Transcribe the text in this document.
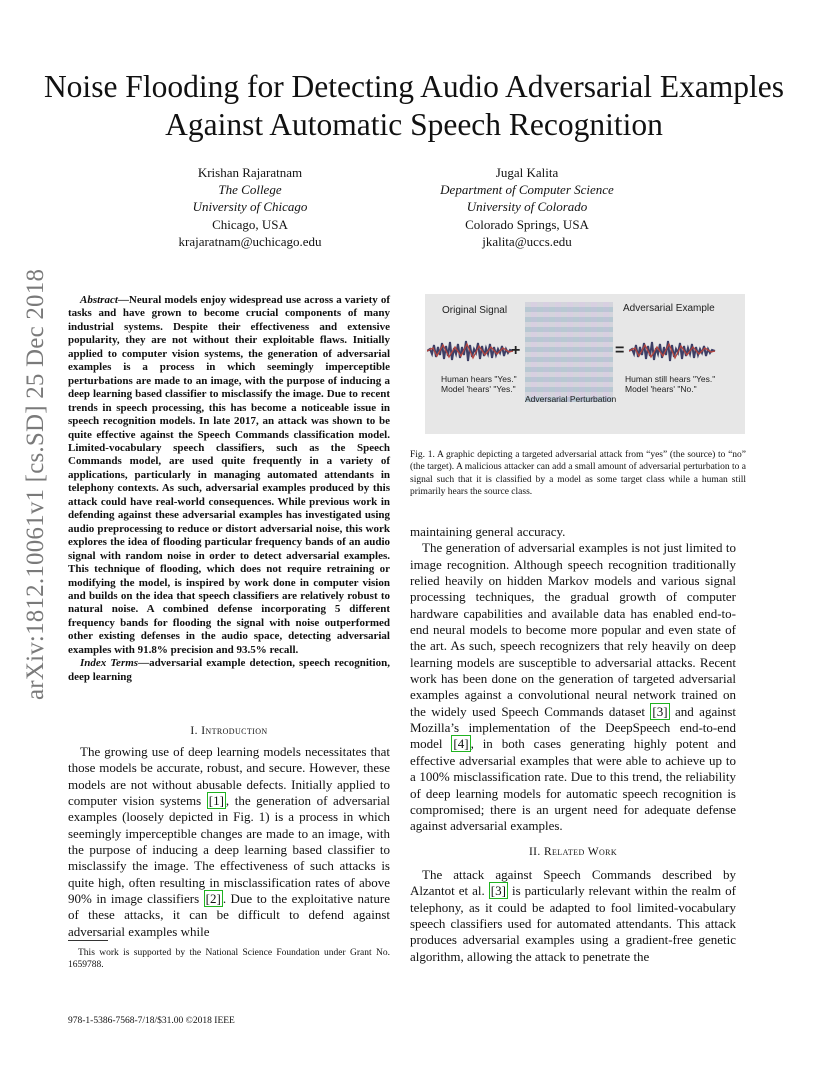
Noise Flooding for Detecting Audio Adversarial Examples Against Automatic Speech Recognition
Krishan Rajaratnam
The College
University of Chicago
Chicago, USA
krajaratnam@uchicago.edu
Jugal Kalita
Department of Computer Science
University of Colorado
Colorado Springs, USA
jkalita@uccs.edu
arXiv:1812.10061v1 [cs.SD] 25 Dec 2018	Abstract—Neural models enjoy widespread use across a variety of tasks and have grown to become crucial components of many industrial systems. Despite their effectiveness and extensive popularity, they are not without their exploitable flaws. Initially applied to computer vision systems, the generation of adversarial examples is a process in which seemingly imperceptible perturbations are made to an image, with the purpose of inducing a deep learning based classifier to misclassify the image. Due to recent trends in speech processing, this has become a noticeable issue in speech recognition models. In late 2017, an attack was shown to be quite effective against the Speech Commands classification model. Limited-vocabulary speech classifiers, such as the Speech Commands model, are used quite frequently in a variety of applications, particularly in managing automated attendants in telephony contexts. As such, adversarial examples produced by this attack could have real-world consequences. While previous work in defending against these adversarial examples has investigated using audio preprocessing to reduce or distort adversarial noise, this work explores the idea of flooding particular frequency bands of an audio signal with random noise in order to detect adversarial examples. This technique of flooding, which does not require retraining or modifying the model, is inspired by work done in computer vision and builds on the idea that speech classifiers are relatively robust to natural noise. A combined defense incorporating 5 different frequency bands for flooding the signal with noise outperformed other existing defenses in the audio space, detecting adversarial examples with 91.8% precision and 93.5% recall.

Index Terms—adversarial example detection, speech recognition, deep learning

I. Introduction

The growing use of deep learning models necessitates that those models be accurate, robust, and secure. However, these models are not without abusable defects. Initially applied to computer vision systems [1] , the generation of adversarial examples (loosely depicted in Fig. 1) is a process in which seemingly imperceptible changes are made to an image, with the purpose of inducing a deep learning based classifier to misclassify the image. The effectiveness of such attacks is quite high, often resulting in misclassification rates of above 90% in image classifiers [2] . Due to the exploitative nature of these attacks, it can be difficult to defend against adversarial examples while

This work is supported by the National Science Foundation under Grant No. 1659788.
978-1-5386-7568-7/18/$31.00 ©2018 IEEE
Original Signal	Adversarial Example
+	=
Human hears "Yes."
Model 'hears' "Yes."
Human still hears "Yes."
Model 'hears' "No."
Adversarial Perturbation
Fig. 1. A graphic depicting a targeted adversarial attack from “yes” (the source) to “no” (the target). A malicious attacker can add a small amount of adversarial perturbation to a signal such that it is classified by a model as some target class while a human still primarily hears the source class.

maintaining general accuracy.

The generation of adversarial examples is not just limited to image recognition. Although speech recognition traditionally relied heavily on hidden Markov models and various signal processing techniques, the gradual growth of computer hardware capabilities and available data has enabled end-to-end neural models to become more popular and even state of the art. As such, speech recognizers that rely heavily on deep learning models are susceptible to adversarial attacks. Recent work has been done on the generation of targeted adversarial examples against a convolutional neural network trained on the widely used Speech Commands dataset [3] and against Mozilla’s implementation of the DeepSpeech end-to-end model [4] , in both cases generating highly potent and effective adversarial examples that were able to achieve up to a 100% misclassification rate. Due to this trend, the reliability of deep learning models for automatic speech recognition is compromised; there is an urgent need for adequate defense against adversarial examples.

II. Related Work

The attack against Speech Commands described by Alzantot et al. [3] is particularly relevant within the realm of telephony, as it could be adapted to fool limited-vocabulary speech classifiers used for automated attendants. This attack produces adversarial examples using a gradient-free genetic algorithm, allowing the attack to penetrate the
